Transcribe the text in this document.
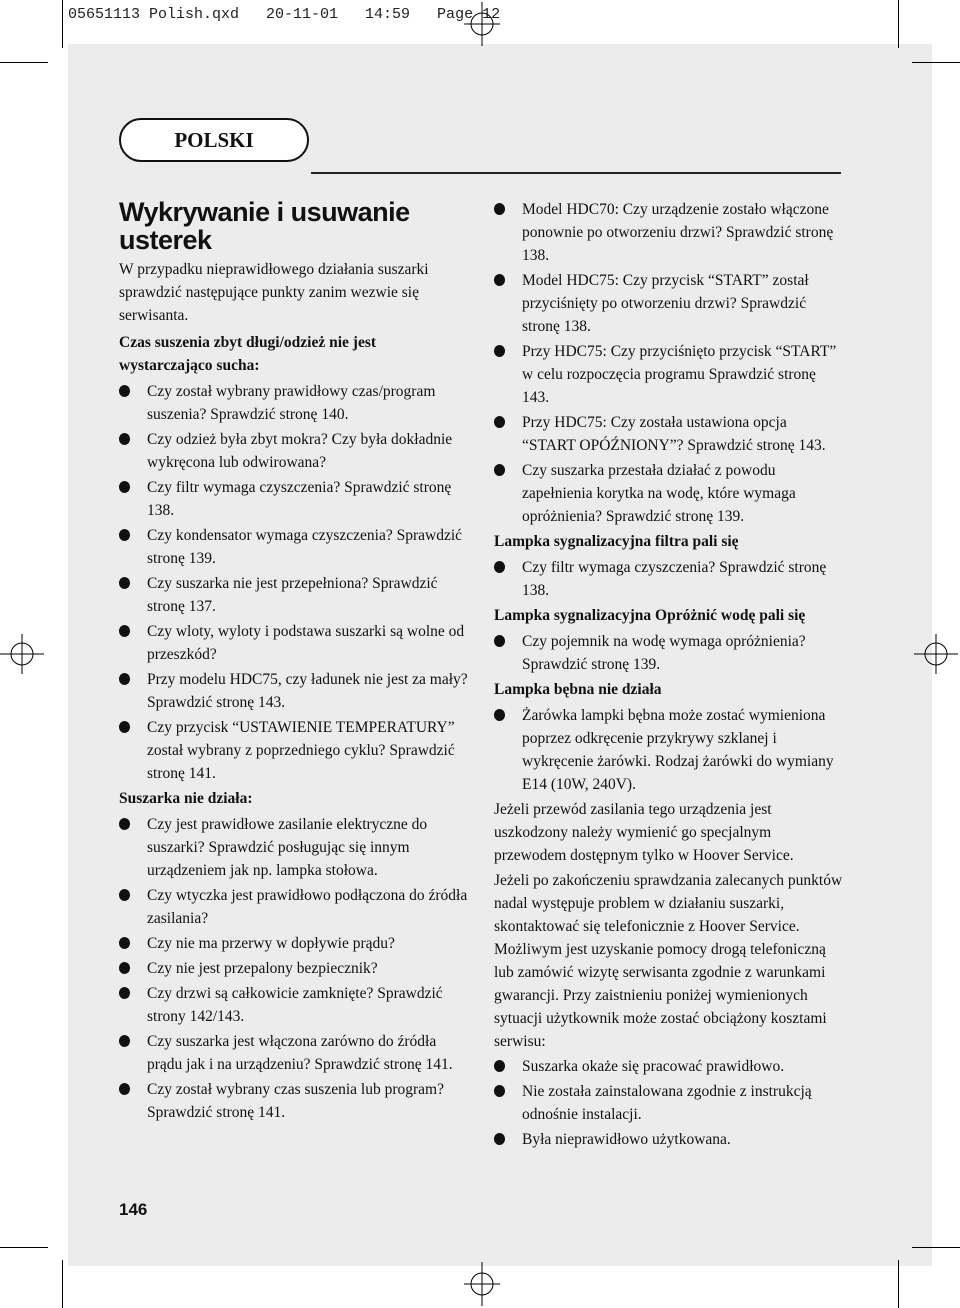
05651113 Polish.qxd   20-11-01   14:59   Page 12
POLSKI
Wykrywanie i usuwanie usterek

W przypadku nieprawidłowego działania suszarki sprawdzić następujące punkty zanim wezwie się serwisanta.

Czas suszenia zbyt długi/odzież nie jest wystarczająco sucha:
Czy został wybrany prawidłowy czas/program suszenia? Sprawdzić stronę 140.
Czy odzież była zbyt mokra? Czy była dokładnie wykręcona lub odwirowana?
Czy filtr wymaga czyszczenia? Sprawdzić stronę 138.
Czy kondensator wymaga czyszczenia? Sprawdzić stronę 139.
Czy suszarka nie jest przepełniona? Sprawdzić stronę 137.
Czy wloty, wyloty i podstawa suszarki są wolne od przeszkód?
Przy modelu HDC75, czy ładunek nie jest za mały? Sprawdzić stronę 143.
Czy przycisk “USTAWIENIE TEMPERATURY” został wybrany z poprzedniego cyklu? Sprawdzić stronę 141.
Suszarka nie działa:
Czy jest prawidłowe zasilanie elektryczne do suszarki? Sprawdzić posługując się innym urządzeniem jak np. lampka stołowa.
Czy wtyczka jest prawidłowo podłączona do źródła zasilania?
Czy nie ma przerwy w dopływie prądu?
Czy nie jest przepalony bezpiecznik?
Czy drzwi są całkowicie zamknięte? Sprawdzić strony 142/143.
Czy suszarka jest włączona zarówno do źródła prądu jak i na urządzeniu? Sprawdzić stronę 141.
Czy został wybrany czas suszenia lub program? Sprawdzić stronę 141.
Model HDC70: Czy urządzenie zostało włączone ponownie po otworzeniu drzwi? Sprawdzić stronę 138.
Model HDC75: Czy przycisk “START” został przyciśnięty po otworzeniu drzwi? Sprawdzić stronę 138.
Przy HDC75: Czy przyciśnięto przycisk “START” w celu rozpoczęcia programu Sprawdzić stronę 143.
Przy HDC75: Czy została ustawiona opcja “START OPÓŹNIONY”? Sprawdzić stronę 143.
Czy suszarka przestała działać z powodu zapełnienia korytka na wodę, które wymaga opróżnienia? Sprawdzić stronę 139.
Lampka sygnalizacyjna filtra pali się
Czy filtr wymaga czyszczenia? Sprawdzić stronę 138.
Lampka sygnalizacyjna Opróżnić wodę pali się
Czy pojemnik na wodę wymaga opróżnienia? Sprawdzić stronę 139.
Lampka bębna nie działa
Żarówka lampki bębna może zostać wymieniona poprzez odkręcenie przykrywy szklanej i wykręcenie żarówki. Rodzaj żarówki do wymiany E14 (10W, 240V).

Jeżeli przewód zasilania tego urządzenia jest uszkodzony należy wymienić go specjalnym przewodem dostępnym tylko w Hoover Service.

Jeżeli po zakończeniu sprawdzania zalecanych punktów nadal występuje problem w działaniu suszarki, skontaktować się telefonicznie z Hoover Service. Możliwym jest uzyskanie pomocy drogą telefoniczną lub zamówić wizytę serwisanta zgodnie z warunkami gwarancji. Przy zaistnieniu poniżej wymienionych sytuacji użytkownik może zostać obciążony kosztami serwisu:

Suszarka okaże się pracować prawidłowo.
Nie została zainstalowana zgodnie z instrukcją odnośnie instalacji.
Była nieprawidłowo użytkowana.
146
